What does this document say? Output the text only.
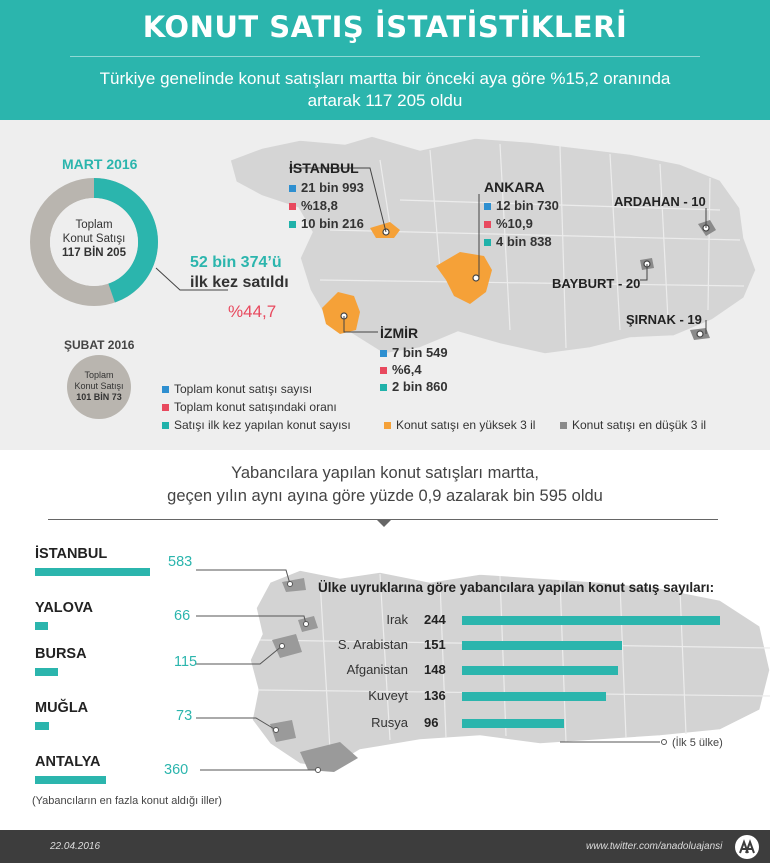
KONUT SATIŞ İSTATİSTİKLERİ
Türkiye genelinde konut satışları martta bir önceki aya göre %15,2 oranında
artarak 117 205 oldu
MART 2016
Toplam
Konut Satışı
117 BİN 205
52 bin 374’ü
ilk kez satıldı
%44,7
ŞUBAT 2016
Toplam
Konut Satışı
101 BİN 73
İSTANBUL
21 bin 993
%18,8
10 bin 216
ANKARA
12 bin 730
%10,9
4 bin 838
İZMİR
7 bin 549
%6,4
2 bin 860
ARDAHAN - 10
BAYBURT - 20
ŞIRNAK - 19
Toplam konut satışı sayısı
Toplam konut satışındaki oranı
Satışı ilk kez yapılan konut sayısı	Konut satışı en yüksek 3 il	Konut satışı en düşük 3 il
Yabancılara yapılan konut satışları martta,
geçen yılın aynı ayına göre yüzde 0,9 azalarak bin 595 oldu
(Yabancıların en fazla konut aldığı iller)
Ülke uyruklarına göre yabancılara yapılan konut satış sayıları:
(İlk 5 ülke)
22.04.2016	www.twitter.com/anadoluajansi
İSTANBUL	583
YALOVA	66
BURSA	115
MUĞLA	73
ANTALYA	360
Irak 244
S. Arabistan 151
Afganistan 148
Kuveyt 136
Rusya 96
